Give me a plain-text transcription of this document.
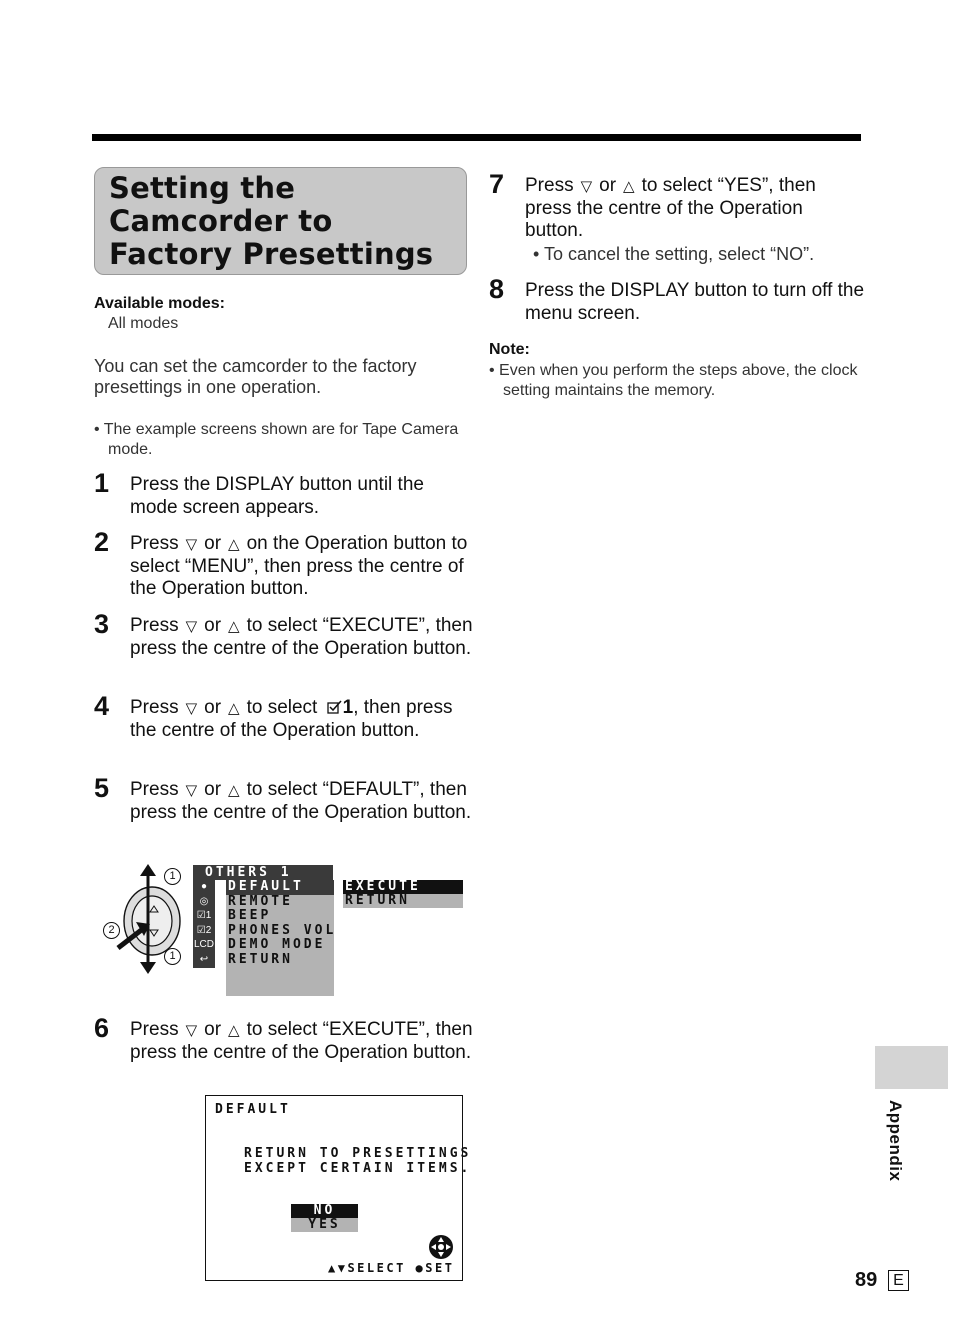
Setting the
Camcorder to
Factory Presettings
Available modes:
All modes
You can set the camcorder to the factory presettings in one operation.
• The example screens shown are for Tape Camera mode.
1 Press the DISPLAY button until the mode screen appears.
2 Press ▽ or △ on the Operation button to select “MENU”, then press the centre of the Operation button.
3 Press ▽ or △ to select “EXECUTE”, then press the centre of the Operation button.
4 Press ▽ or △ to select 1, then press the centre of the Operation button.
5 Press ▽ or △ to select “DEFAULT”, then press the centre of the Operation button.
1
2
1
OTHERS 1
●
◎
☑1
☑2
LCD
↩
DEFAULT
REMOTE
BEEP
PHONES VOL
DEMO MODE
RETURN
EXECUTE
RETURN
6 Press ▽ or △ to select “EXECUTE”, then press the centre of the Operation button.
DEFAULT
RETURN TO PRESETTINGS
EXCEPT CERTAIN ITEMS.
NO
YES
▲▼SELECT ●SET
7 Press ▽ or △ to select “YES”, then press the centre of the Operation button.
• To cancel the setting, select “NO”.
8 Press the DISPLAY button to turn off the menu screen.
Note:
• Even when you perform the steps above, the clock setting maintains the memory.
Appendix
89 E
